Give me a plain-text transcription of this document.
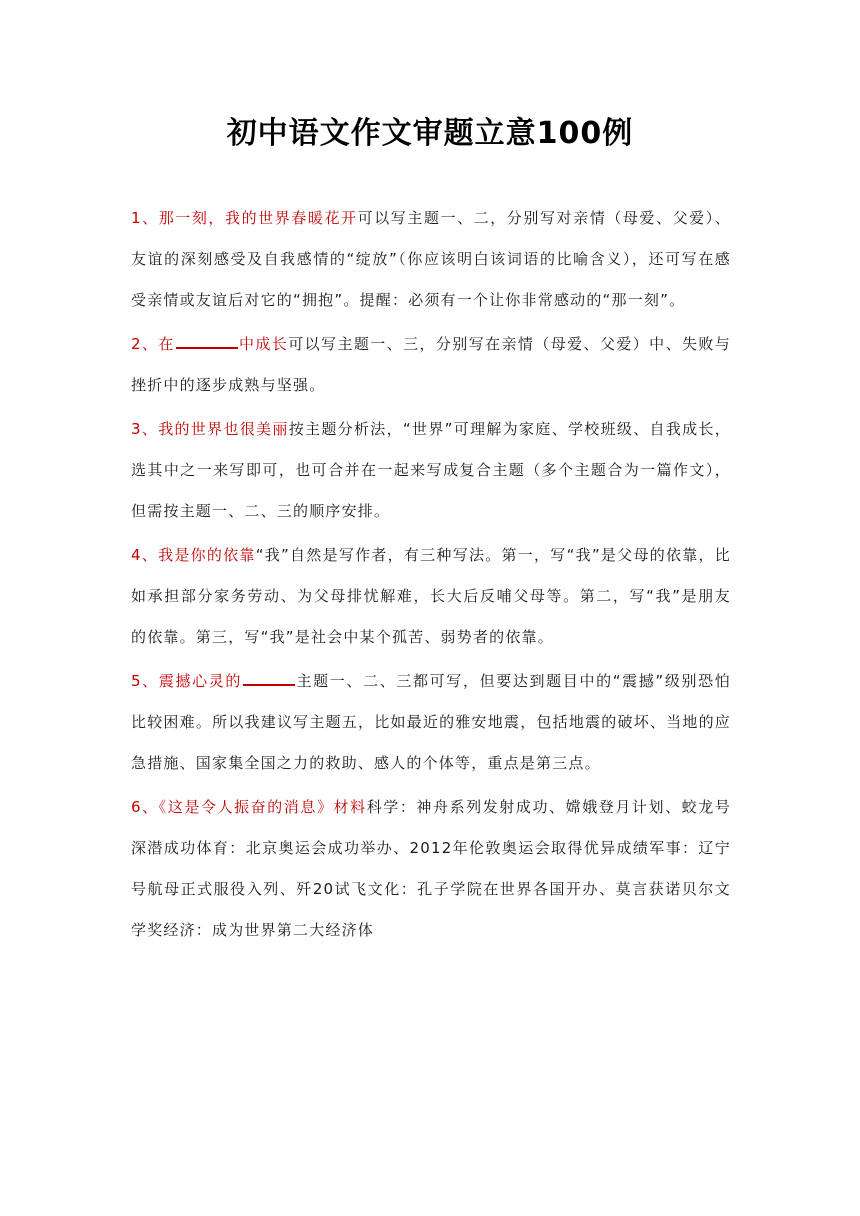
初中语文作文审题立意100例

1、那一刻，我的世界春暖花开可以写主题一、二，分别写对亲情（母爱、父爱）、友谊的深刻感受及自我感情的“绽放”（你应该明白该词语的比喻含义），还可写在感受亲情或友谊后对它的“拥抱”。提醒：必须有一个让你非常感动的“那一刻”。

2、在	中成长可以写主题一、三，分别写在亲情（母爱、父爱）中、失败与挫折中的逐步成熟与坚强。

3、我的世界也很美丽按主题分析法，“世界”可理解为家庭、学校班级、自我成长，选其中之一来写即可，也可合并在一起来写成复合主题（多个主题合为一篇作文），但需按主题一、二、三的顺序安排。

4、我是你的依靠“我”自然是写作者，有三种写法。第一，写“我”是父母的依靠，比如承担部分家务劳动、为父母排忧解难，长大后反哺父母等。第二，写“我”是朋友的依靠。第三，写“我”是社会中某个孤苦、弱势者的依靠。

5、震撼心灵的	主题一、二、三都可写，但要达到题目中的“震撼”级别恐怕比较困难。所以我建议写主题五，比如最近的雅安地震，包括地震的破坏、当地的应急措施、国家集全国之力的救助、感人的个体等，重点是第三点。

6、《这是令人振奋的消息》材料科学：神舟系列发射成功、嫦娥登月计划、蛟龙号深潜成功体育：北京奥运会成功举办、2012年伦敦奥运会取得优异成绩军事：辽宁号航母正式服役入列、歼20试飞文化：孔子学院在世界各国开办、莫言获诺贝尔文学奖经济：成为世界第二大经济体
